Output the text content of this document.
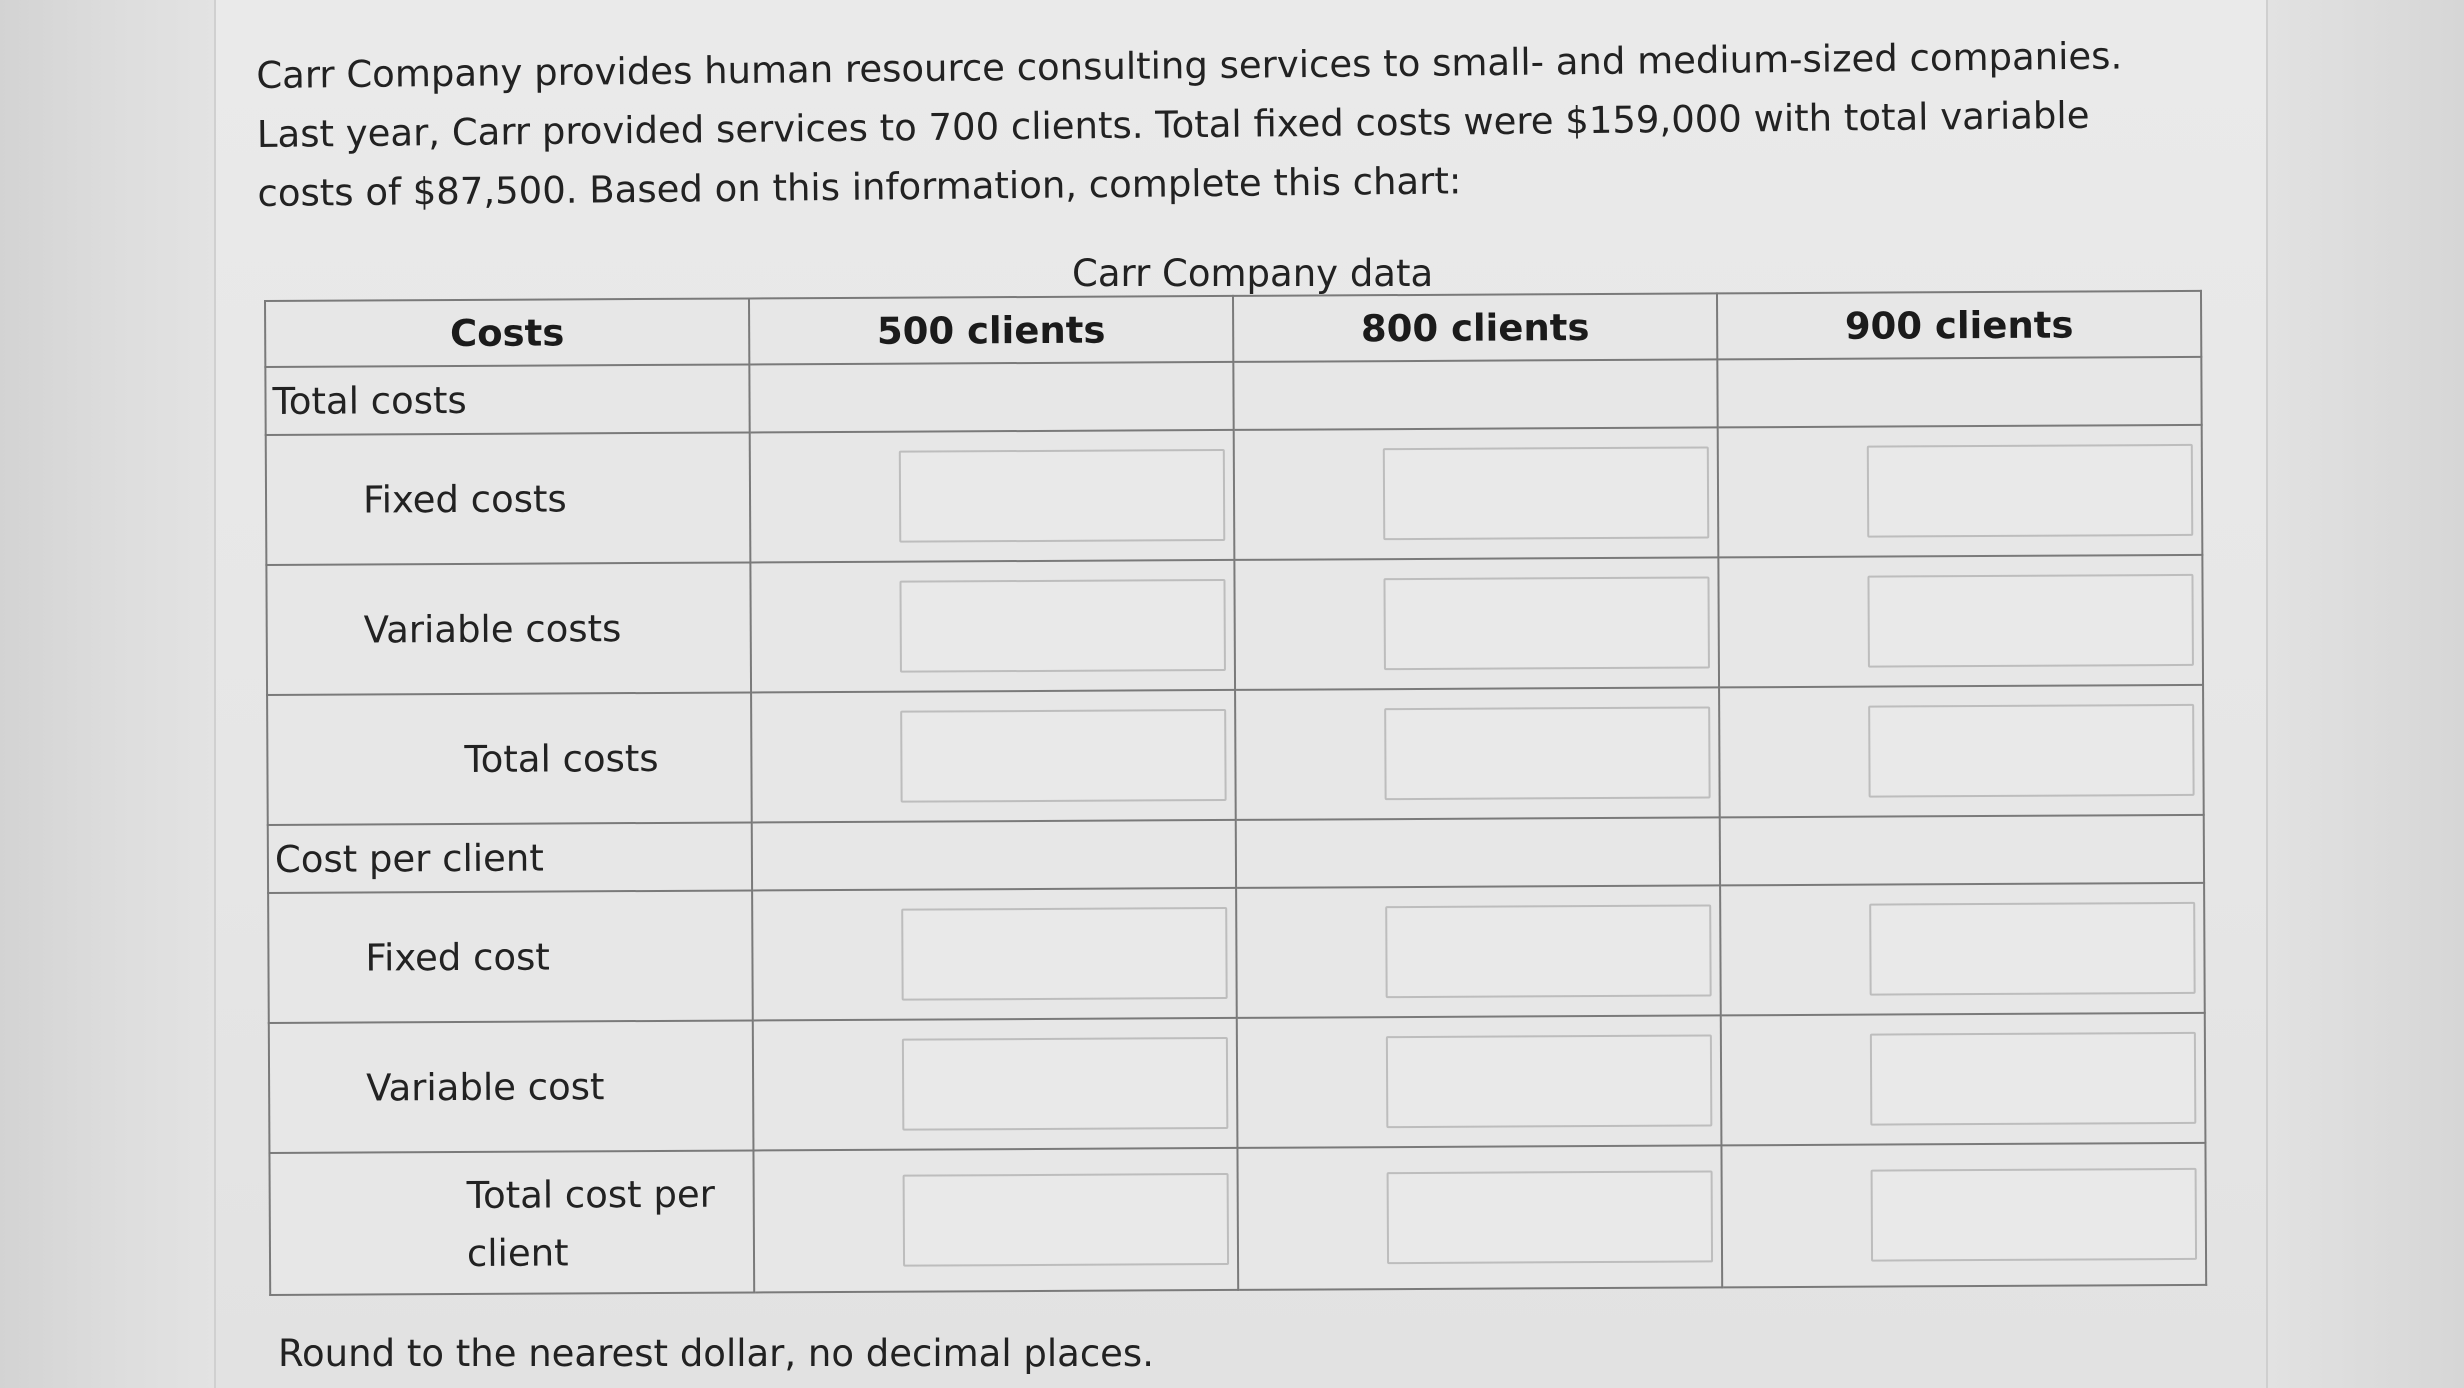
Carr Company provides human resource consulting services to small- and medium-sized companies. Last year, Carr provided services to 700 clients. Total fixed costs were $159,000 with total variable costs of $87,500. Based on this information, complete this chart:
Carr Company data
Costs	500 clients	800 clients	900 clients
Total costs			
Fixed costs			
Variable costs			
Total costs			
Cost per client			
Fixed cost			
Variable cost			
Total cost per client			
Round to the nearest dollar, no decimal places.
